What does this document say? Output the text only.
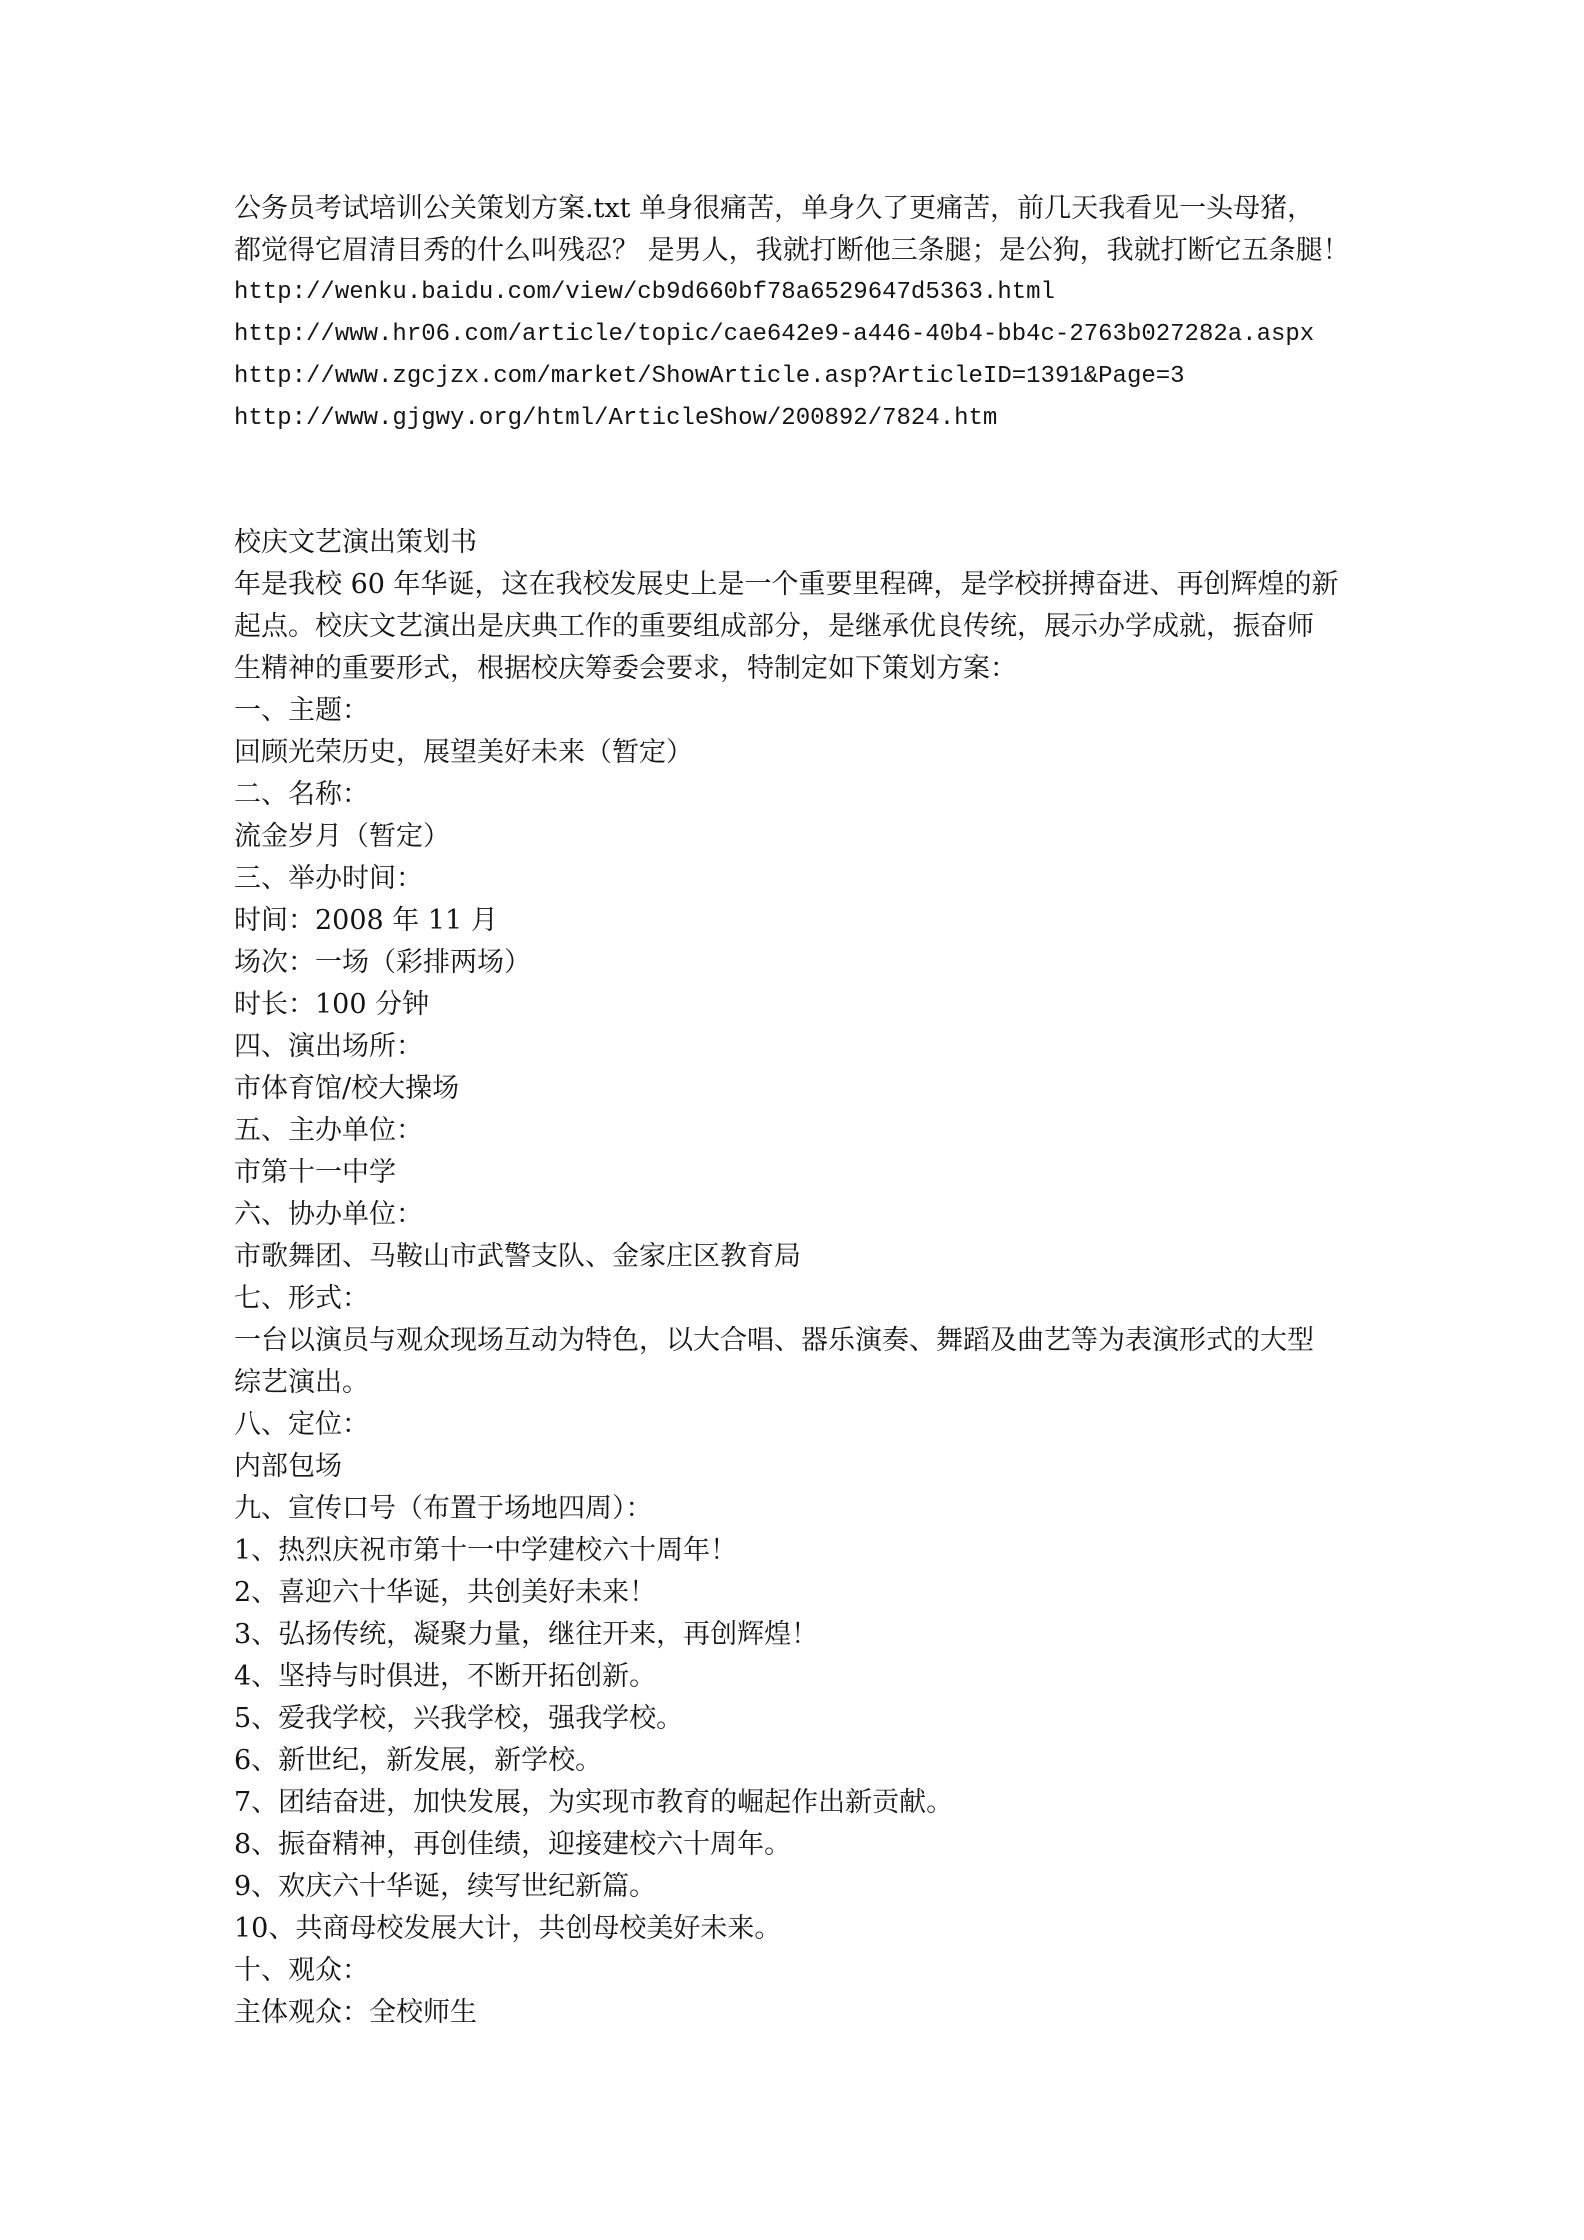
公务员考试培训公关策划方案.txt 单身很痛苦，单身久了更痛苦，前几天我看见一头母猪，
都觉得它眉清目秀的什么叫残忍？ 是男人，我就打断他三条腿；是公狗，我就打断它五条腿！
http://wenku.baidu.com/view/cb9d660bf78a6529647d5363.html
http://www.hr06.com/article/topic/cae642e9-a446-40b4-bb4c-2763b027282a.aspx
http://www.zgcjzx.com/market/ShowArticle.asp?ArticleID=1391&Page=3
http://www.gjgwy.org/html/ArticleShow/200892/7824.htm
校庆文艺演出策划书
年是我校 60 年华诞，这在我校发展史上是一个重要里程碑，是学校拼搏奋进、再创辉煌的新
起点。校庆文艺演出是庆典工作的重要组成部分，是继承优良传统，展示办学成就，振奋师
生精神的重要形式，根据校庆筹委会要求，特制定如下策划方案：
一、主题：
回顾光荣历史，展望美好未来（暂定）
二、名称：
流金岁月（暂定）
三、举办时间：
时间：2008 年 11 月
场次：一场（彩排两场）
时长：100 分钟
四、演出场所：
市体育馆/校大操场
五、主办单位：
市第十一中学
六、协办单位：
市歌舞团、马鞍山市武警支队、金家庄区教育局
七、形式：
一台以演员与观众现场互动为特色，以大合唱、器乐演奏、舞蹈及曲艺等为表演形式的大型
综艺演出。
八、定位：
内部包场
九、宣传口号（布置于场地四周）：
1、热烈庆祝市第十一中学建校六十周年！
2、喜迎六十华诞，共创美好未来！
3、弘扬传统，凝聚力量，继往开来，再创辉煌！
4、坚持与时俱进，不断开拓创新。
5、爱我学校，兴我学校，强我学校。
6、新世纪，新发展，新学校。
7、团结奋进，加快发展，为实现市教育的崛起作出新贡献。
8、振奋精神，再创佳绩，迎接建校六十周年。
9、欢庆六十华诞，续写世纪新篇。
10、共商母校发展大计，共创母校美好未来。
十、观众：
主体观众：全校师生
